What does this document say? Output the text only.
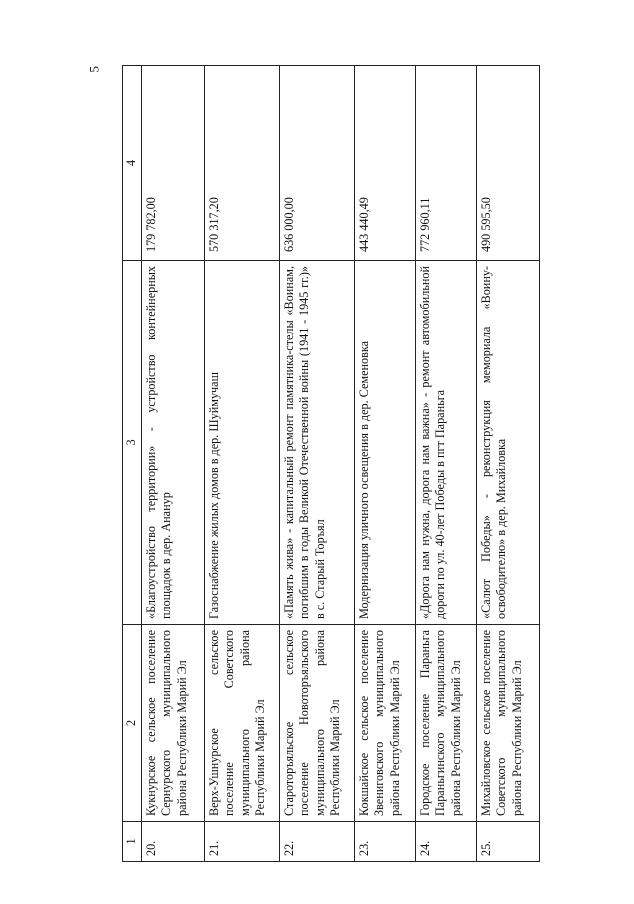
5
1	2	3	4
20.	Кукнурское сельское поселение Сернурского муниципального района Республики Марий Эл	«Благоустройство территории» - устройство контейнерных площадок в дер. Ананур	179 782,00
21.	Верх-Ушнурское сельское поселение Советского муниципального района Республики Марий Эл	Газоснабжение жилых домов в дер. Шуймучаш	570 317,20
22.	Староторъяльское сельское поселение Новоторъяльского муниципального района Республики Марий Эл	«Память жива» - капитальный ремонт памятника-стелы «Воинам, погибшим в годы Великой Отечественной войны (1941 - 1945 гг.)» в с. Старый Торъял	636 000,00
23.	Кокшайское сельское поселение Звениговского муниципального района Республики Марий Эл	Модернизация уличного освещения в дер. Семеновка	443 440,49
24.	Городское поселение Параньга Параньгинского муниципального района Республики Марий Эл	«Дорога нам нужна, дорога нам важна» - ремонт автомобильной дороги по ул. 40-лет Победы в пгт Параньга	772 960,11
25.	Михайловское сельское поселение Советского муниципального района Республики Марий Эл	«Салют Победы» - реконструкция мемориала «Воину-освободителю» в дер. Михайловка	490 595,50
